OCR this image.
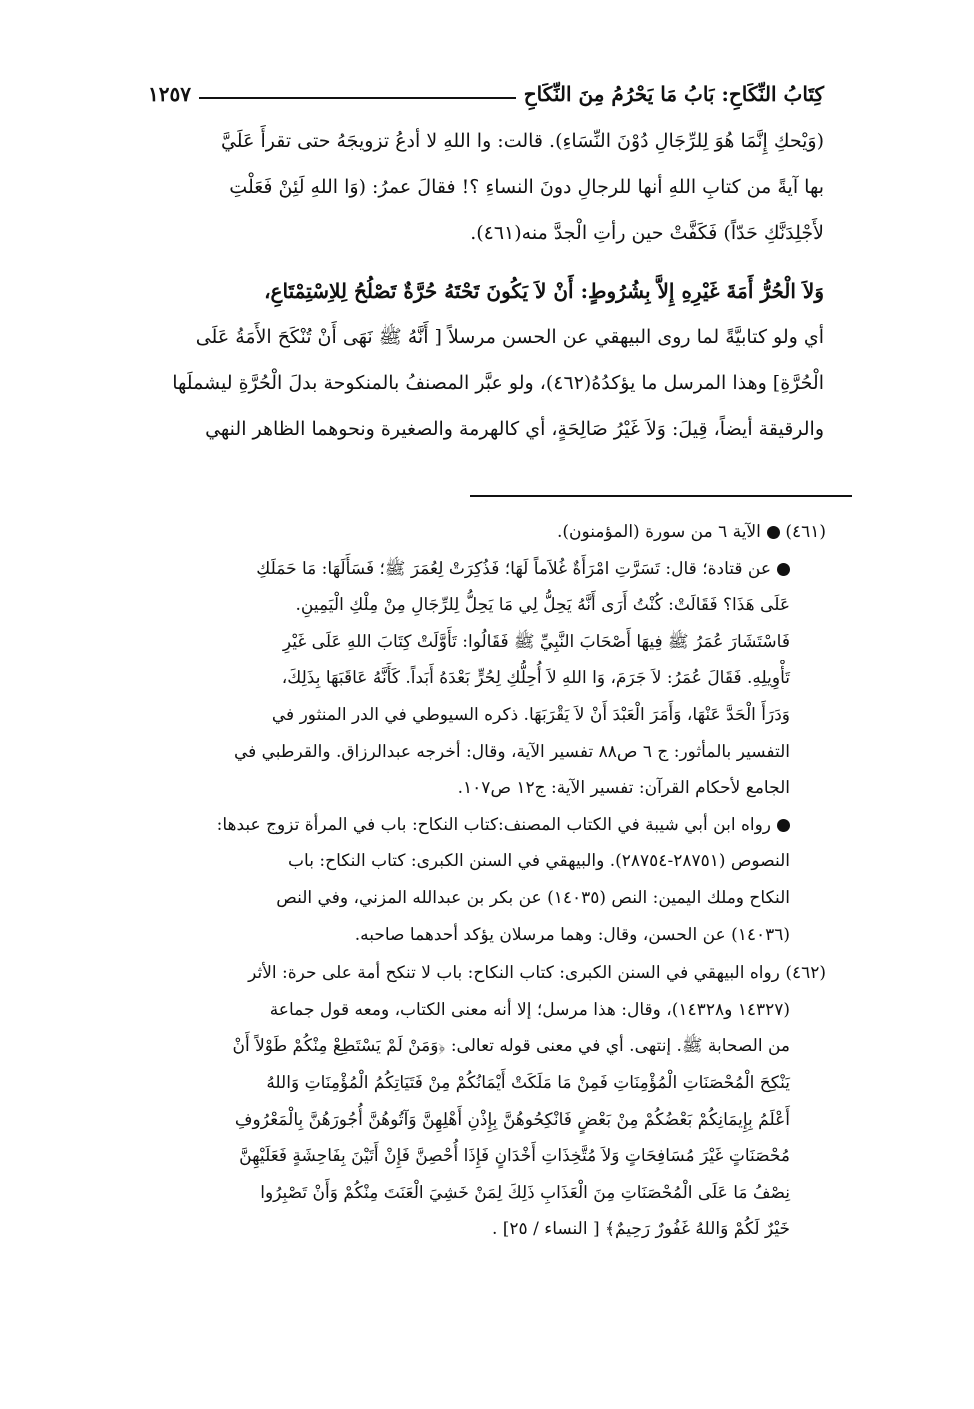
كِتَابُ النِّكَاحِ: بَابُ مَا يَحْرُمُ مِنَ النِّكَاحِ
١٢٥٧
(وَيْحكِ إِنَّمَا هُوَ لِلرِّجَالِ دُوْنَ النِّسَاءِ). قالت: وا اللهِ لا أدعُ تزويجَهُ حتى تقرأَ عَلَيَّ
بها آيةً من كتابِ اللهِ أنها للرجالِ دونَ النساءِ ؟! فقالَ عمرُ: (وَا اللهِ لَئِنْ فَعَلْتِ
لأَجْلِدَنَّكِ حَدّاً) فَكَفَّتْ حين رأتِ الْجدَّ منه(٤٦١).
وَلاَ الْحُرُّ أَمَةَ غَيْرِهِ إِلاَّ بِشُرُوطٍ: أَنْ لاَ يَكُونَ تَحْتَهُ حُرَّةٌ تَصْلُحُ لِلاِسْتِمْتَاعِ،
أي ولو كتابيَّةً لما روى البيهقي عن الحسن مرسلاً [ أَنَّهُ ﷺ نَهَى أَنْ تُنْكَحَ الأَمَةُ عَلَى
الْحُرَّةِ] وهذا المرسل ما يؤكدُهُ(٤٦٢)، ولو عبَّر المصنفُ بالمنكوحة بدلَ الْحُرَّةِ ليشملَها
والرقيقة أيضاً، قِيلَ: وَلاَ غَيْرُ صَالِحَةٍ، أي كالهرمة والصغيرة ونحوهما الظاهر النهي
(٤٦١) الآية ٦ من سورة (المؤمنون).
عن قتادة؛ قال: تَسَرَّتِ امْرَأَةٌ غُلاَماً لَهَا؛ فَذُكِرَتْ لِعُمَرَ ﷺ؛ فَسَأَلَهَا: مَا حَمَلَكِ
عَلَى هَذَا؟ فَقَالَتْ: كُنْتُ أَرَى أَنَّهُ يَحِلُّ لِي مَا يَحِلُّ لِلرِّجَالِ مِنْ مِلْكِ الْيَمِينِ.
فَاسْتَشَارَ عُمَرُ ﷺ فِيهَا أَصْحَابَ النَّبِيِّ ﷺ فَقَالُوا: تَأَوَّلَتْ كِتَابَ اللهِ عَلَى غَيْرِ
تَأْوِيلِهِ. فَقَالَ عُمَرُ: لاَ جَرَمَ، وَا اللهِ لاَ أُحِلُّكِ لِحُرٍّ بَعْدَهُ أَبَداً. كَأَنَّهُ عَاقَبَهَا بِذَلِكَ،
وَدَرَأَ الْحَدَّ عَنْهَا، وَأَمَرَ الْعَبْدَ أَنْ لاَ يَقْرَبَهَا. ذكره السيوطي في الدر المنثور في
التفسير بالمأثور: ج ٦ ص٨٨ تفسير الآية، وقال: أخرجه عبدالرزاق. والقرطبي في
الجامع لأحكام القرآن: تفسير الآية: ج١٢ ص١٠٧.
رواه ابن أبي شيبة في الكتاب المصنف:كتاب النكاح: باب في المرأة تزوج عبدها:
النصوص (٢٨٧٥١-٢٨٧٥٤). والبيهقي في السنن الكبرى: كتاب النكاح: باب
النكاح وملك اليمين: النص (١٤٠٣٥) عن بكر بن عبدالله المزني، وفي النص
(١٤٠٣٦) عن الحسن، وقال: وهما مرسلان يؤكد أحدهما صاحبه.
(٤٦٢) رواه البيهقي في السنن الكبرى: كتاب النكاح: باب لا تنكح أمة على حرة: الأثر
(١٤٣٢٧ و١٤٣٢٨)، وقال: هذا مرسل؛ إلا أنه معنى الكتاب، ومعه قول جماعة
من الصحابة ﷺ. إنتهى. أي في معنى قوله تعالى: ﴿وَمَنْ لَمْ يَسْتَطِعْ مِنْكُمْ طَوْلاً أَنْ
يَنْكِحَ الْمُحْصَنَاتِ الْمُؤْمِنَاتِ فَمِنْ مَا مَلَكَتْ أَيْمَانُكُمْ مِنْ فَتَيَاتِكُمُ الْمُؤْمِنَاتِ وَاللهُ
أَعْلَمُ بِإِيمَانِكُمْ بَعْضُكُمْ مِنْ بَعْضٍ فَانْكِحُوهُنَّ بِإِذْنِ أَهْلِهِنَّ وَآتُوهُنَّ أُجُورَهُنَّ بِالْمَعْرُوفِ
مُحْصَنَاتٍ غَيْرَ مُسَافِحَاتٍ وَلاَ مُتَّخِذَاتِ أَخْدَانٍ فَإِذَا أُحْصِنَّ فَإِنْ أَتَيْنَ بِفَاحِشَةٍ فَعَلَيْهِنَّ
نِصْفُ مَا عَلَى الْمُحْصَنَاتِ مِنَ الْعَذَابِ ذَلِكَ لِمَنْ خَشِيَ الْعَنَتَ مِنْكُمْ وَأَنْ تَصْبِرُوا
خَيْرٌ لَكُمْ وَاللهُ غَفُورٌ رَحِيمٌ﴾ [ النساء / ٢٥] .
